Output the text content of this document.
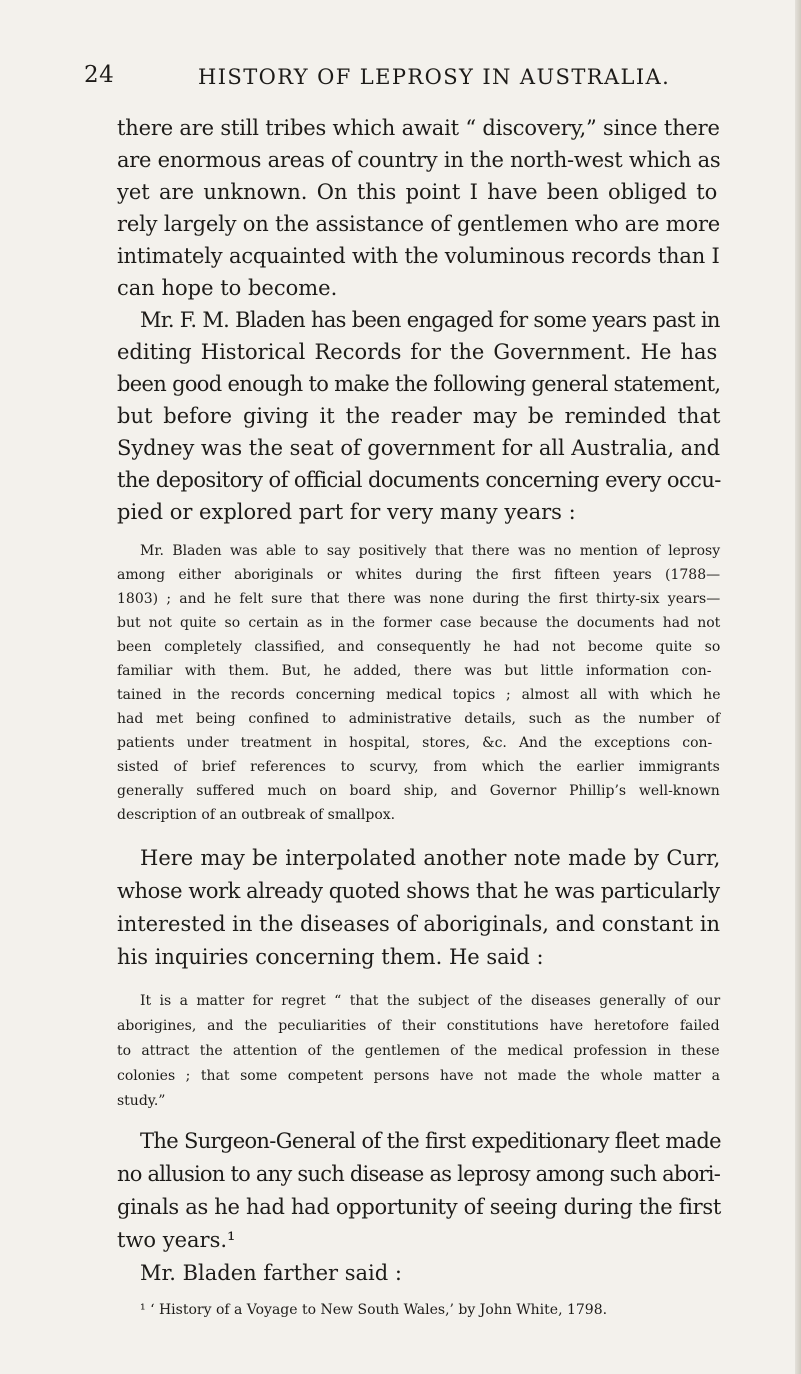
24	HISTORY OF LEPROSY IN AUSTRALIA.
there are still tribes which await “ discovery,” since there
are enormous areas of country in the north-west which as
yet are unknown. On this point I have been obliged to
rely largely on the assistance of gentlemen who are more
intimately acquainted with the voluminous records than I
can hope to become.
Mr. F. M. Bladen has been engaged for some years past in
editing Historical Records for the Government. He has
been good enough to make the following general statement,
but before giving it the reader may be reminded that
Sydney was the seat of government for all Australia, and
the depository of official documents concerning every occu-
pied or explored part for very many years :
Mr. Bladen was able to say positively that there was no mention of leprosy
among either aboriginals or whites during the first fifteen years (1788—
1803) ; and he felt sure that there was none during the first thirty-six years—
but not quite so certain as in the former case because the documents had not
been completely classified, and consequently he had not become quite so
familiar with them. But, he added, there was but little information con-
tained in the records concerning medical topics ; almost all with which he
had met being confined to administrative details, such as the number of
patients under treatment in hospital, stores, &c. And the exceptions con-
sisted of brief references to scurvy, from which the earlier immigrants
generally suffered much on board ship, and Governor Phillip’s well-known
description of an outbreak of smallpox.
Here may be interpolated another note made by Curr,
whose work already quoted shows that he was particularly
interested in the diseases of aboriginals, and constant in
his inquiries concerning them. He said :
It is a matter for regret “ that the subject of the diseases generally of our
aborigines, and the peculiarities of their constitutions have heretofore failed
to attract the attention of the gentlemen of the medical profession in these
colonies ; that some competent persons have not made the whole matter a
study.”
The Surgeon-General of the first expeditionary fleet made
no allusion to any such disease as leprosy among such abori-
ginals as he had had opportunity of seeing during the first
two years.¹
Mr. Bladen farther said :
¹ ‘ History of a Voyage to New South Wales,’ by John White, 1798.
